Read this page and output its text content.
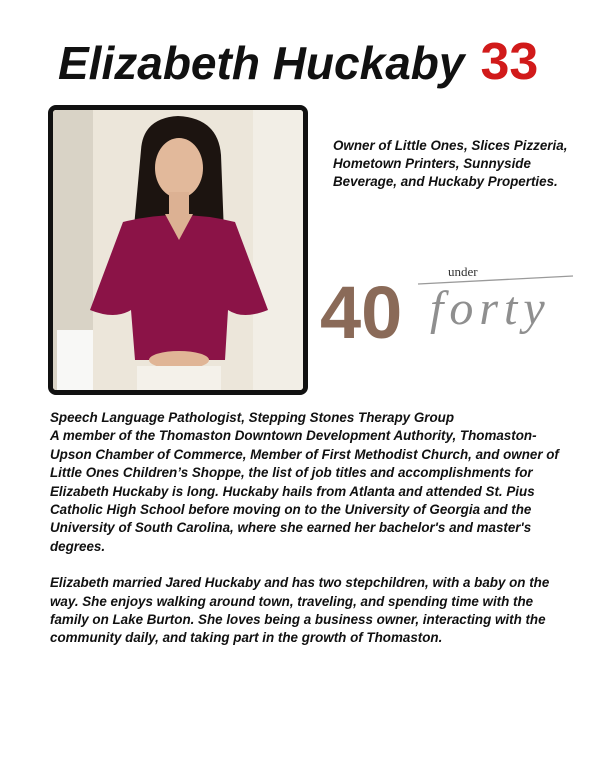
Elizabeth Huckaby 33
Owner of Little Ones, Slices Pizzeria, Hometown Printers, Sunnyside Beverage, and Huckaby Properties.
40	under
forty

Speech Language Pathologist, Stepping Stones Therapy Group

A member of the Thomaston Downtown Development Authority, Thomaston-Upson Chamber of Commerce, Member of First Methodist Church, and owner of Little Ones Children’s Shoppe, the list of job titles and accomplishments for Elizabeth Huckaby is long. Huckaby hails from Atlanta and attended St. Pius Catholic High School before moving on to the University of Georgia and the University of South Carolina, where she earned her bachelor's and master's degrees.

Elizabeth married Jared Huckaby and has two stepchildren, with a baby on the way. She enjoys walking around town, traveling, and spending time with the family on Lake Burton. She loves being a business owner, interacting with the community daily, and taking part in the growth of Thomaston.
